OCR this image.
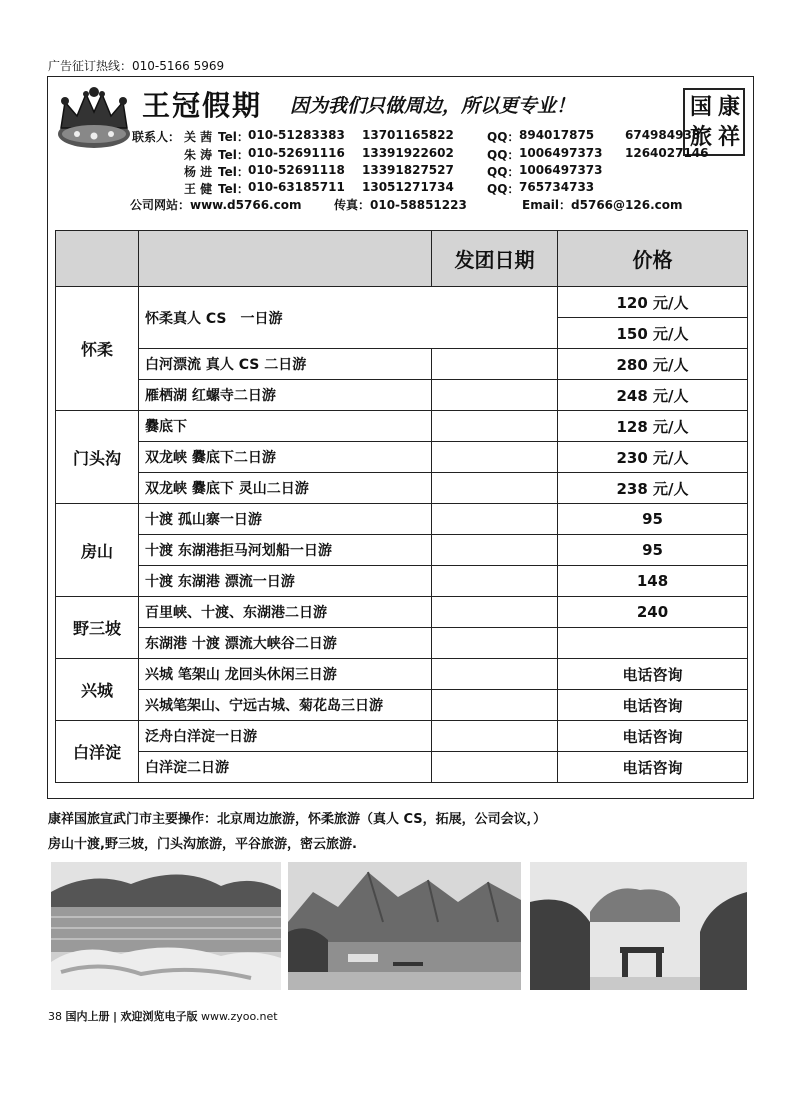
广告征订热线：010-5166 5969
王冠假期 因为我们只做周边，所以更专业！	国 康
旅 祥
联系人： 关 茜 Tel： 010-51283383 13701165822	QQ： 894017875	674984938
朱 涛 Tel： 010-52691116 13391922602	QQ： 1006497373 1264027146
杨 进 Tel： 010-52691118 13391827527	QQ： 1006497373
王 健 Tel： 010-63185711 13051271734	QQ： 765734733
公司网站：www.d5766.com	传真：010-58851223	Email：d5766@126.com
		发团日期	价格
怀柔	怀柔真人 CS　一日游		120 元/人
			150 元/人
	白河漂流 真人 CS 二日游		280 元/人
	雁栖湖 红螺寺二日游		248 元/人
门头沟	爨底下		128 元/人
	双龙峡 爨底下二日游		230 元/人
	双龙峡 爨底下 灵山二日游		238 元/人
房山	十渡 孤山寨一日游		95
	十渡 东湖港拒马河划船一日游		95
	十渡 东湖港 漂流一日游		148
野三坡	百里峡、十渡、东湖港二日游		240
	东湖港 十渡 漂流大峡谷二日游		
兴城	兴城 笔架山 龙回头休闲三日游		电话咨询
	兴城笔架山、宁远古城、菊花岛三日游		电话咨询
白洋淀	泛舟白洋淀一日游		电话咨询
	白洋淀二日游		电话咨询
康祥国旅宣武门市主要操作：北京周边旅游，怀柔旅游（真人 CS，拓展，公司会议，）
房山十渡,野三坡，门头沟旅游，平谷旅游，密云旅游.
38 国内上册 | 欢迎浏览电子版 www.zyoo.net
